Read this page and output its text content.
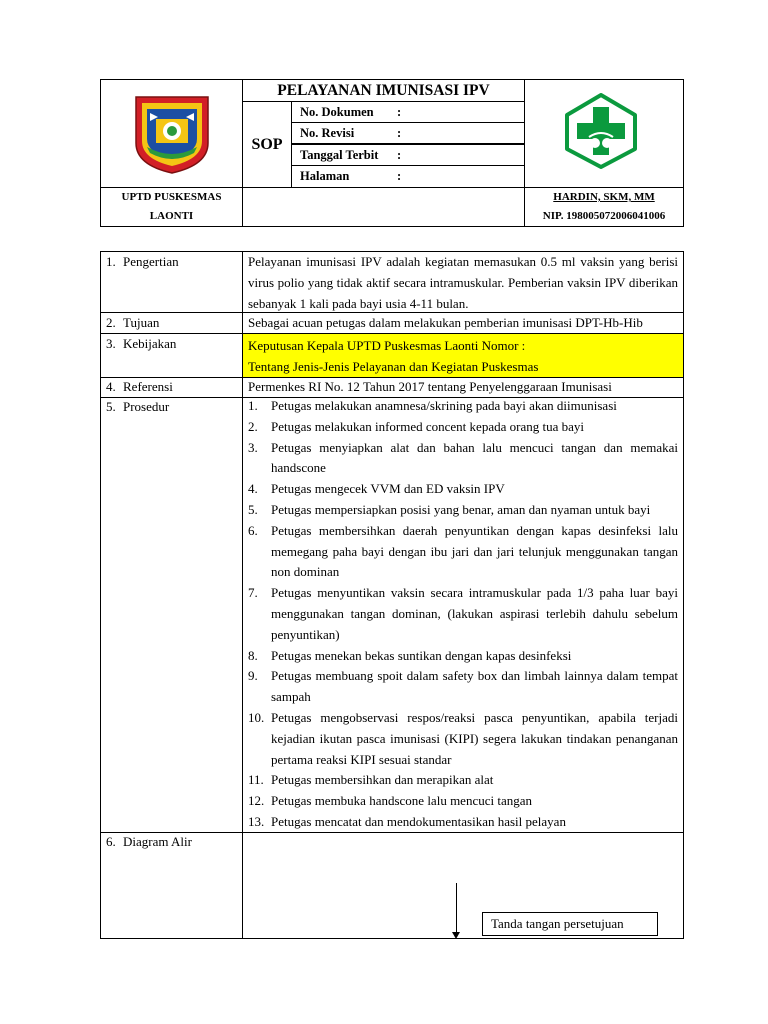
PELAYANAN IMUNISASI IPV
SOP
No. Dokumen :
No. Revisi	:
Tanggal Terbit :
Halaman	:
UPTD PUSKESMAS
LAONTI
HARDIN, SKM, MM
NIP. 198005072006041006
1. Pengertian	Pelayanan imunisasi IPV adalah kegiatan memasukan 0.5 ml vaksin yang berisi virus polio yang tidak aktif secara intramuskular. Pemberian vaksin IPV diberikan sebanyak 1 kali pada bayi usia 4-11 bulan.
2. Tujuan	Sebagai acuan petugas dalam melakukan pemberian imunisasi DPT-Hb-Hib
3. Kebijakan	Keputusan Kepala UPTD Puskesmas Laonti Nomor :
Tentang Jenis-Jenis Pelayanan dan Kegiatan Puskesmas
4. Referensi	Permenkes RI No. 12 Tahun 2017 tentang Penyelenggaraan Imunisasi
5. Prosedur	1. Petugas melakukan anamnesa/skrining pada bayi akan diimunisasi
2. Petugas melakukan informed concent kepada orang tua bayi
3. Petugas menyiapkan alat dan bahan lalu mencuci tangan dan memakai handscone
4. Petugas mengecek VVM dan ED vaksin IPV
5. Petugas mempersiapkan posisi yang benar, aman dan nyaman untuk bayi
6. Petugas membersihkan daerah penyuntikan dengan kapas desinfeksi lalu memegang paha bayi dengan ibu jari dan jari telunjuk menggunakan tangan non dominan
7. Petugas menyuntikan vaksin secara intramuskular pada 1/3 paha luar bayi menggunakan tangan dominan, (lakukan aspirasi terlebih dahulu sebelum penyuntikan)
8. Petugas menekan bekas suntikan dengan kapas desinfeksi
9. Petugas membuang spoit dalam safety box dan limbah lainnya dalam tempat sampah
10. Petugas mengobservasi respos/reaksi pasca penyuntikan, apabila terjadi kejadian ikutan pasca imunisasi (KIPI) segera lakukan tindakan penanganan pertama reaksi KIPI sesuai standar
11. Petugas membersihkan dan merapikan alat
12. Petugas membuka handscone lalu mencuci tangan
13. Petugas mencatat dan mendokumentasikan hasil pelayan
6. Diagram Alir
Tanda tangan persetujuan
